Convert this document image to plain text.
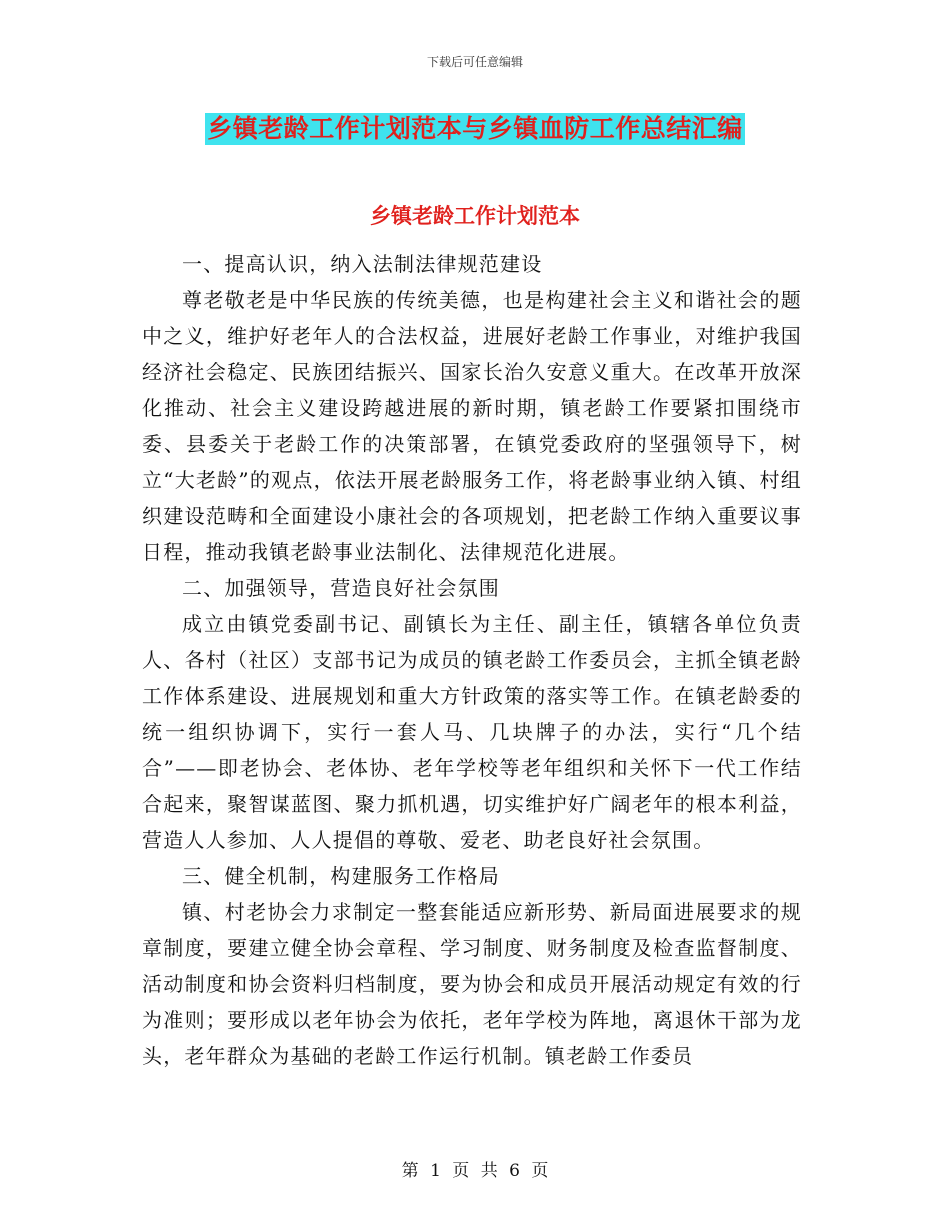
下载后可任意编辑
乡镇老龄工作计划范本与乡镇血防工作总结汇编
乡镇老龄工作计划范本

一、提高认识，纳入法制法律规范建设

尊老敬老是中华民族的传统美德，也是构建社会主义和谐社会的题中之义，维护好老年人的合法权益，进展好老龄工作事业，对维护我国经济社会稳定、民族团结振兴、国家长治久安意义重大。在改革开放深化推动、社会主义建设跨越进展的新时期，镇老龄工作要紧扣围绕市委、县委关于老龄工作的决策部署，在镇党委政府的坚强领导下，树立“大老龄”的观点，依法开展老龄服务工作，将老龄事业纳入镇、村组织建设范畴和全面建设小康社会的各项规划，把老龄工作纳入重要议事日程，推动我镇老龄事业法制化、法律规范化进展。

二、加强领导，营造良好社会氛围

成立由镇党委副书记、副镇长为主任、副主任，镇辖各单位负责人、各村（社区）支部书记为成员的镇老龄工作委员会，主抓全镇老龄工作体系建设、进展规划和重大方针政策的落实等工作。在镇老龄委的统一组织协调下，实行一套人马、几块牌子的办法，实行“几个结合”——即老协会、老体协、老年学校等老年组织和关怀下一代工作结合起来，聚智谋蓝图、聚力抓机遇，切实维护好广阔老年的根本利益，营造人人参加、人人提倡的尊敬、爱老、助老良好社会氛围。

三、健全机制，构建服务工作格局

镇、村老协会力求制定一整套能适应新形势、新局面进展要求的规章制度，要建立健全协会章程、学习制度、财务制度及检查监督制度、活动制度和协会资料归档制度，要为协会和成员开展活动规定有效的行为准则；要形成以老年协会为依托，老年学校为阵地，离退休干部为龙头，老年群众为基础的老龄工作运行机制。镇老龄工作委员

第 1 页 共 6 页
